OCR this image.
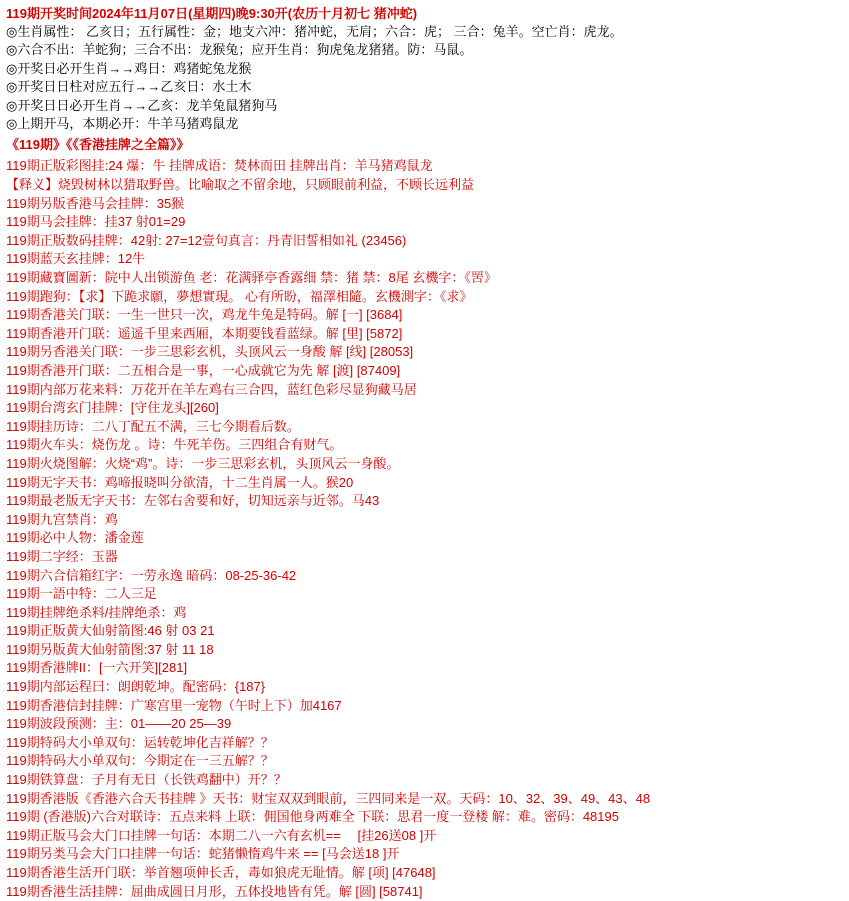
119期开奖时间2024年11月07日(星期四)晚9:30开(农历十月初七 猪冲蛇)
◎生肖属性： 乙亥日；五行属性：金；地支六冲：猪冲蛇，无肩；六合：虎； 三合：兔羊。空亡肖：虎龙。
◎六合不出：羊蛇狗；三合不出：龙猴兔；应开生肖：狗虎兔龙猪猪。防：马鼠。
◎开奖日必开生肖→→鸡日：鸡猪蛇兔龙猴
◎开奖日日柱对应五行→→乙亥日：水土木
◎开奖日日必开生肖→→乙亥：龙羊兔鼠猪狗马
◎上期开马，本期必开：牛羊马猪鸡鼠龙
《119期》《《香港挂牌之全篇》》
119期正版彩图挂:24 爆：牛 挂牌成语：焚林而田 挂牌出肖：羊马猪鸡鼠龙
【释义】烧毁树林以猎取野兽。比喻取之不留余地，只顾眼前利益，不顾长远利益
119期另版香港马会挂牌：35猴
119期马会挂牌：挂37 射01=29
119期正版数码挂牌：42射: 27=12壹句真言：丹青旧誓相如礼 (23456)
119期蓝天玄挂牌：12牛
119期藏寶圖新：院中人出锁游鱼 老：花满驿亭香露细 禁：猪 禁：8尾 玄機字：《罟》
119期跑狗：【求】下跪求願，夢想實現。 心有所盼，福澤相隨。玄機測字：《求》
119期香港关门联：一生一世只一次，鸡龙牛兔是特码。解 [一] [3684]
119期香港开门联：遥遥千里来西厢，本期要钱看蓝绿。解 [里] [5872]
119期另香港关门联：一步三思彩玄机，头顶风云一身酸 解 [线] [28053]
119期香港开门联：二五相合是一事，一心成就它为先 解 [渡] [87409]
119期内部万花来料：万花开在羊左鸡右三合四，蓝红色彩尽显狗藏马居
119期台湾玄门挂牌：[守住龙头][260]
119期挂历诗：二八丁配五不满，三七今期看后数。
119期火车头：烧伤龙 。诗：牛死羊伤。三四组合有财气。
119期火烧图解：火烧“鸡”。诗：一步三思彩玄机，头顶风云一身酸。
119期无字天书：鸡啼报晓叫分欲清，十二生肖属一人。猴20
119期最老版无字天书：左邻右舍要和好，切知远亲与近邻。马43
119期九宫禁肖：鸡
119期必中人物：潘金莲
119期二字经：玉器
119期六合信箱红字：一劳永逸 暗码：08-25-36-42
119期一語中特：二人三足
119期挂牌绝杀料/挂牌绝杀：鸡
119期正版黄大仙射箭图:46 射 03 21
119期另版黄大仙射箭图:37 射 11 18
119期香港牌II：[一六开笑][281]
119期内部运程曰：朗朗乾坤。配密码：{187}
119期香港信封挂牌：广寒宫里一宠物（午时上下）加4167
119期波段预测：主：01——20 25—39
119期特码大小单双句：运转乾坤化吉祥解？？
119期特码大小单双句：今期定在一三五解？？
119期铁算盘：子月有无日（长铁鸡翻中）开？？
119期香港版《香港六合天书挂牌 》天书：财宝双双到眼前，三四同来是一双。天码：10、32、39、49、43、48
119期 (香港版)六合对联诗：五点来料 上联：佣国他身两难全 下联：思君一度一登楼 解：难。密码：48195
119期正版马会大门口挂牌一句话：本期二八一六有玄机== 　[挂26送08 ]开
119期另类马会大门口挂牌一句话：蛇猪懒惰鸡牛来 == [马会送18 ]开
119期香港生活开门联：举首翘项伸长舌，毒如狼虎无耻情。解 [项] [47648]
119期香港生活挂牌：屈曲成圆日月形，五体投地皆有凭。解 [圆] [58741]
